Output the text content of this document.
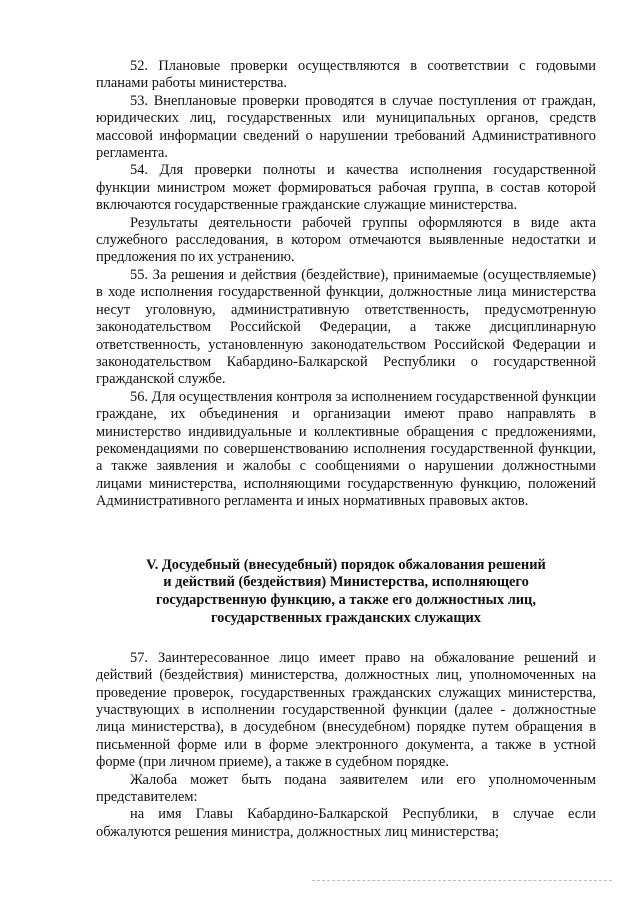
52. Плановые проверки осуществляются в соответствии с годовыми планами работы министерства.

53. Внеплановые проверки проводятся в случае поступления от граждан, юридических лиц, государственных или муниципальных органов, средств массовой информации сведений о нарушении требований Административного регламента.

54. Для проверки полноты и качества исполнения государственной функции министром может формироваться рабочая группа, в состав которой включаются государственные гражданские служащие министерства.

Результаты деятельности рабочей группы оформляются в виде акта служебного расследования, в котором отмечаются выявленные недостатки и предложения по их устранению.

55. За решения и действия (бездействие), принимаемые (осуществляемые) в ходе исполнения государственной функции, должностные лица министерства несут уголовную, административную ответственность, предусмотренную законодательством Российской Федерации, а также дисциплинарную ответственность, установленную законодательством Российской Федерации и законодательством Кабардино-Балкарской Республики о государственной гражданской службе.

56. Для осуществления контроля за исполнением государственной функции граждане, их объединения и организации имеют право направлять в министерство индивидуальные и коллективные обращения с предложениями, рекомендациями по совершенствованию исполнения государственной функции, а также заявления и жалобы с сообщениями о нарушении должностными лицами министерства, исполняющими государственную функцию, положений Административного регламента и иных нормативных правовых актов.

V. Досудебный (внесудебный) порядок обжалования решений

и действий (бездействия) Министерства, исполняющего

государственную функцию, а также его должностных лиц,

государственных гражданских служащих

57. Заинтересованное лицо имеет право на обжалование решений и действий (бездействия) министерства, должностных лиц, уполномоченных на проведение проверок, государственных гражданских служащих министерства, участвующих в исполнении государственной функции (далее - должностные лица министерства), в досудебном (внесудебном) порядке путем обращения в письменной форме или в форме электронного документа, а также в устной форме (при личном приеме), а также в судебном порядке.

Жалоба может быть подана заявителем или его уполномоченным представителем:

на имя Главы Кабардино-Балкарской Республики, в случае если обжалуются решения министра, должностных лиц министерства;
